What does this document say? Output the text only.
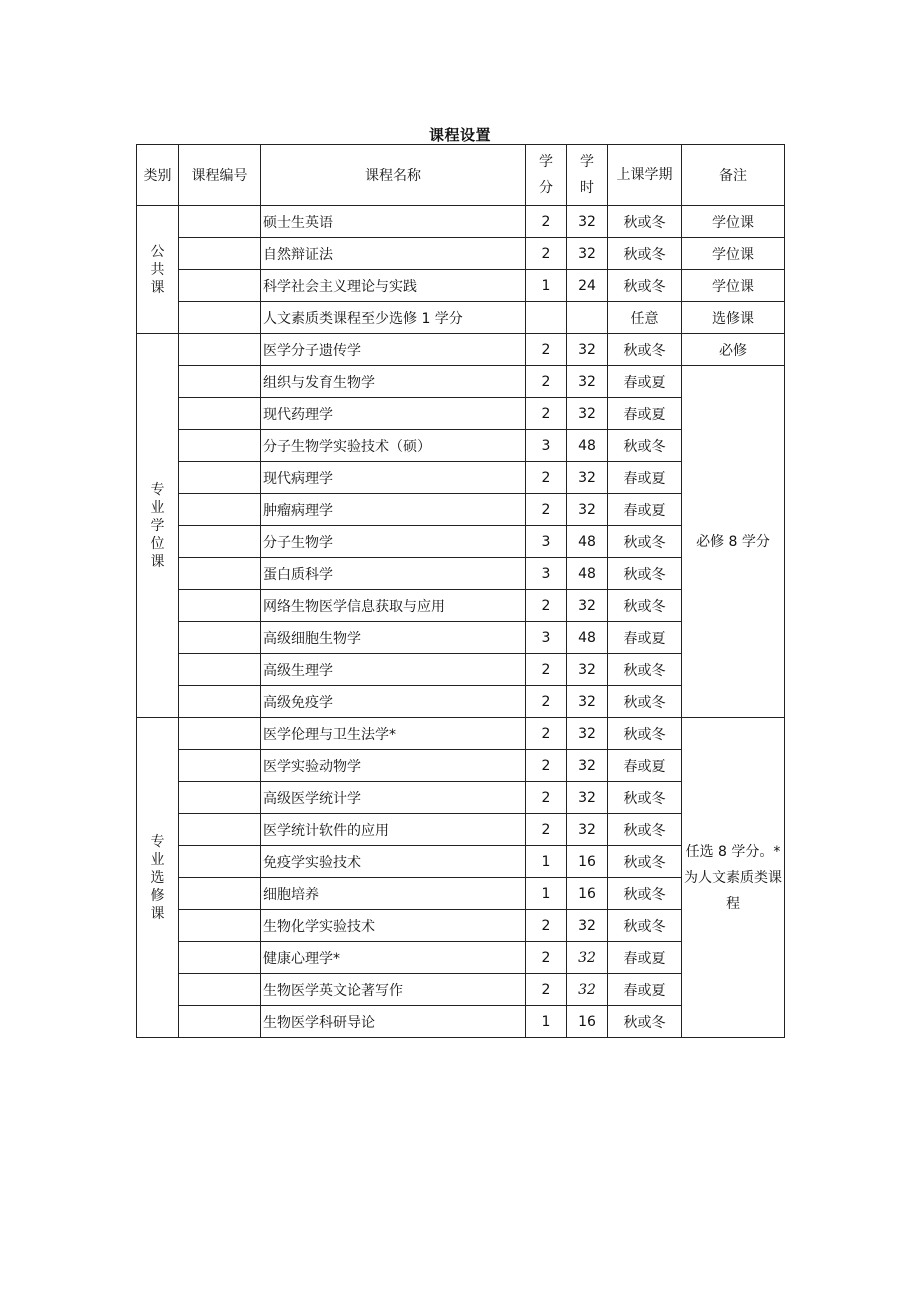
课程设置
类别	课程编号	课程名称	学分	学时	上课学期	备注
公共课		硕士生英语	2	32	秋或冬	学位课
		自然辩证法	2	32	秋或冬	学位课
		科学社会主义理论与实践	1	24	秋或冬	学位课
		人文素质类课程至少选修 1 学分			任意	选修课
专业学位课		医学分子遗传学	2	32	秋或冬	必修
		组织与发育生物学	2	32	春或夏	必修 8 学分
		现代药理学	2	32	春或夏	
		分子生物学实验技术（硕）	3	48	秋或冬	
		现代病理学	2	32	春或夏	
		肿瘤病理学	2	32	春或夏	
		分子生物学	3	48	秋或冬	
		蛋白质科学	3	48	秋或冬	
		网络生物医学信息获取与应用	2	32	秋或冬	
		高级细胞生物学	3	48	春或夏	
		高级生理学	2	32	秋或冬	
		高级免疫学	2	32	秋或冬	
专业选修课		医学伦理与卫生法学*	2	32	秋或冬	任选 8 学分。* 为人文素质类课程
		医学实验动物学	2	32	春或夏	
		高级医学统计学	2	32	秋或冬	
		医学统计软件的应用	2	32	秋或冬	
		免疫学实验技术	1	16	秋或冬	
		细胞培养	1	16	秋或冬	
		生物化学实验技术	2	32	秋或冬	
		健康心理学*	2	32	春或夏	
		生物医学英文论著写作	2	32	春或夏	
		生物医学科研导论	1	16	秋或冬	
